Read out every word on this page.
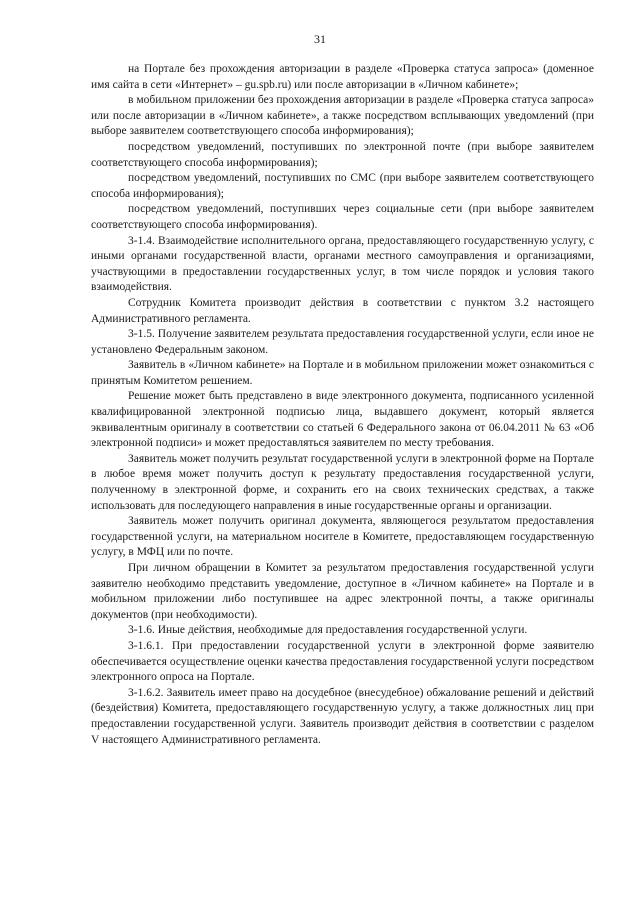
31

на Портале без прохождения авторизации в разделе «Проверка статуса запроса» (доменное имя сайта в сети «Интернет» – gu.spb.ru) или после авторизации в «Личном кабинете»;

в мобильном приложении без прохождения авторизации в разделе «Проверка статуса запроса» или после авторизации в «Личном кабинете», а также посредством всплывающих уведомлений (при выборе заявителем соответствующего способа информирования);

посредством уведомлений, поступивших по электронной почте (при выборе заявителем соответствующего способа информирования);

посредством уведомлений, поступивших по СМС (при выборе заявителем соответствующего способа информирования);

посредством уведомлений, поступивших через социальные сети (при выборе заявителем соответствующего способа информирования).

3-1.4. Взаимодействие исполнительного органа, предоставляющего государственную услугу, с иными органами государственной власти, органами местного самоуправления и организациями, участвующими в предоставлении государственных услуг, в том числе порядок и условия такого взаимодействия.

Сотрудник Комитета производит действия в соответствии с пунктом 3.2 настоящего Административного регламента.

3-1.5. Получение заявителем результата предоставления государственной услуги, если иное не установлено Федеральным законом.

Заявитель в «Личном кабинете» на Портале и в мобильном приложении может ознакомиться с принятым Комитетом решением.

Решение может быть представлено в виде электронного документа, подписанного усиленной квалифицированной электронной подписью лица, выдавшего документ, который является эквивалентным оригиналу в соответствии со статьей 6 Федерального закона от 06.04.2011 № 63 «Об электронной подписи» и может предоставляться заявителем по месту требования.

Заявитель может получить результат государственной услуги в электронной форме на Портале в любое время может получить доступ к результату предоставления государственной услуги, полученному в электронной форме, и сохранить его на своих технических средствах, а также использовать для последующего направления в иные государственные органы и организации.

Заявитель может получить оригинал документа, являющегося результатом предоставления государственной услуги, на материальном носителе в Комитете, предоставляющем государственную услугу, в МФЦ или по почте.

При личном обращении в Комитет за результатом предоставления государственной услуги заявителю необходимо представить уведомление, доступное в «Личном кабинете» на Портале и в мобильном приложении либо поступившее на адрес электронной почты, а также оригиналы документов (при необходимости).

3-1.6. Иные действия, необходимые для предоставления государственной услуги.

3-1.6.1. При предоставлении государственной услуги в электронной форме заявителю обеспечивается осуществление оценки качества предоставления государственной услуги посредством электронного опроса на Портале.

3-1.6.2. Заявитель имеет право на досудебное (внесудебное) обжалование решений и действий (бездействия) Комитета, предоставляющего государственную услугу, а также должностных лиц при предоставлении государственной услуги. Заявитель производит действия в соответствии с разделом V настоящего Административного регламента.
